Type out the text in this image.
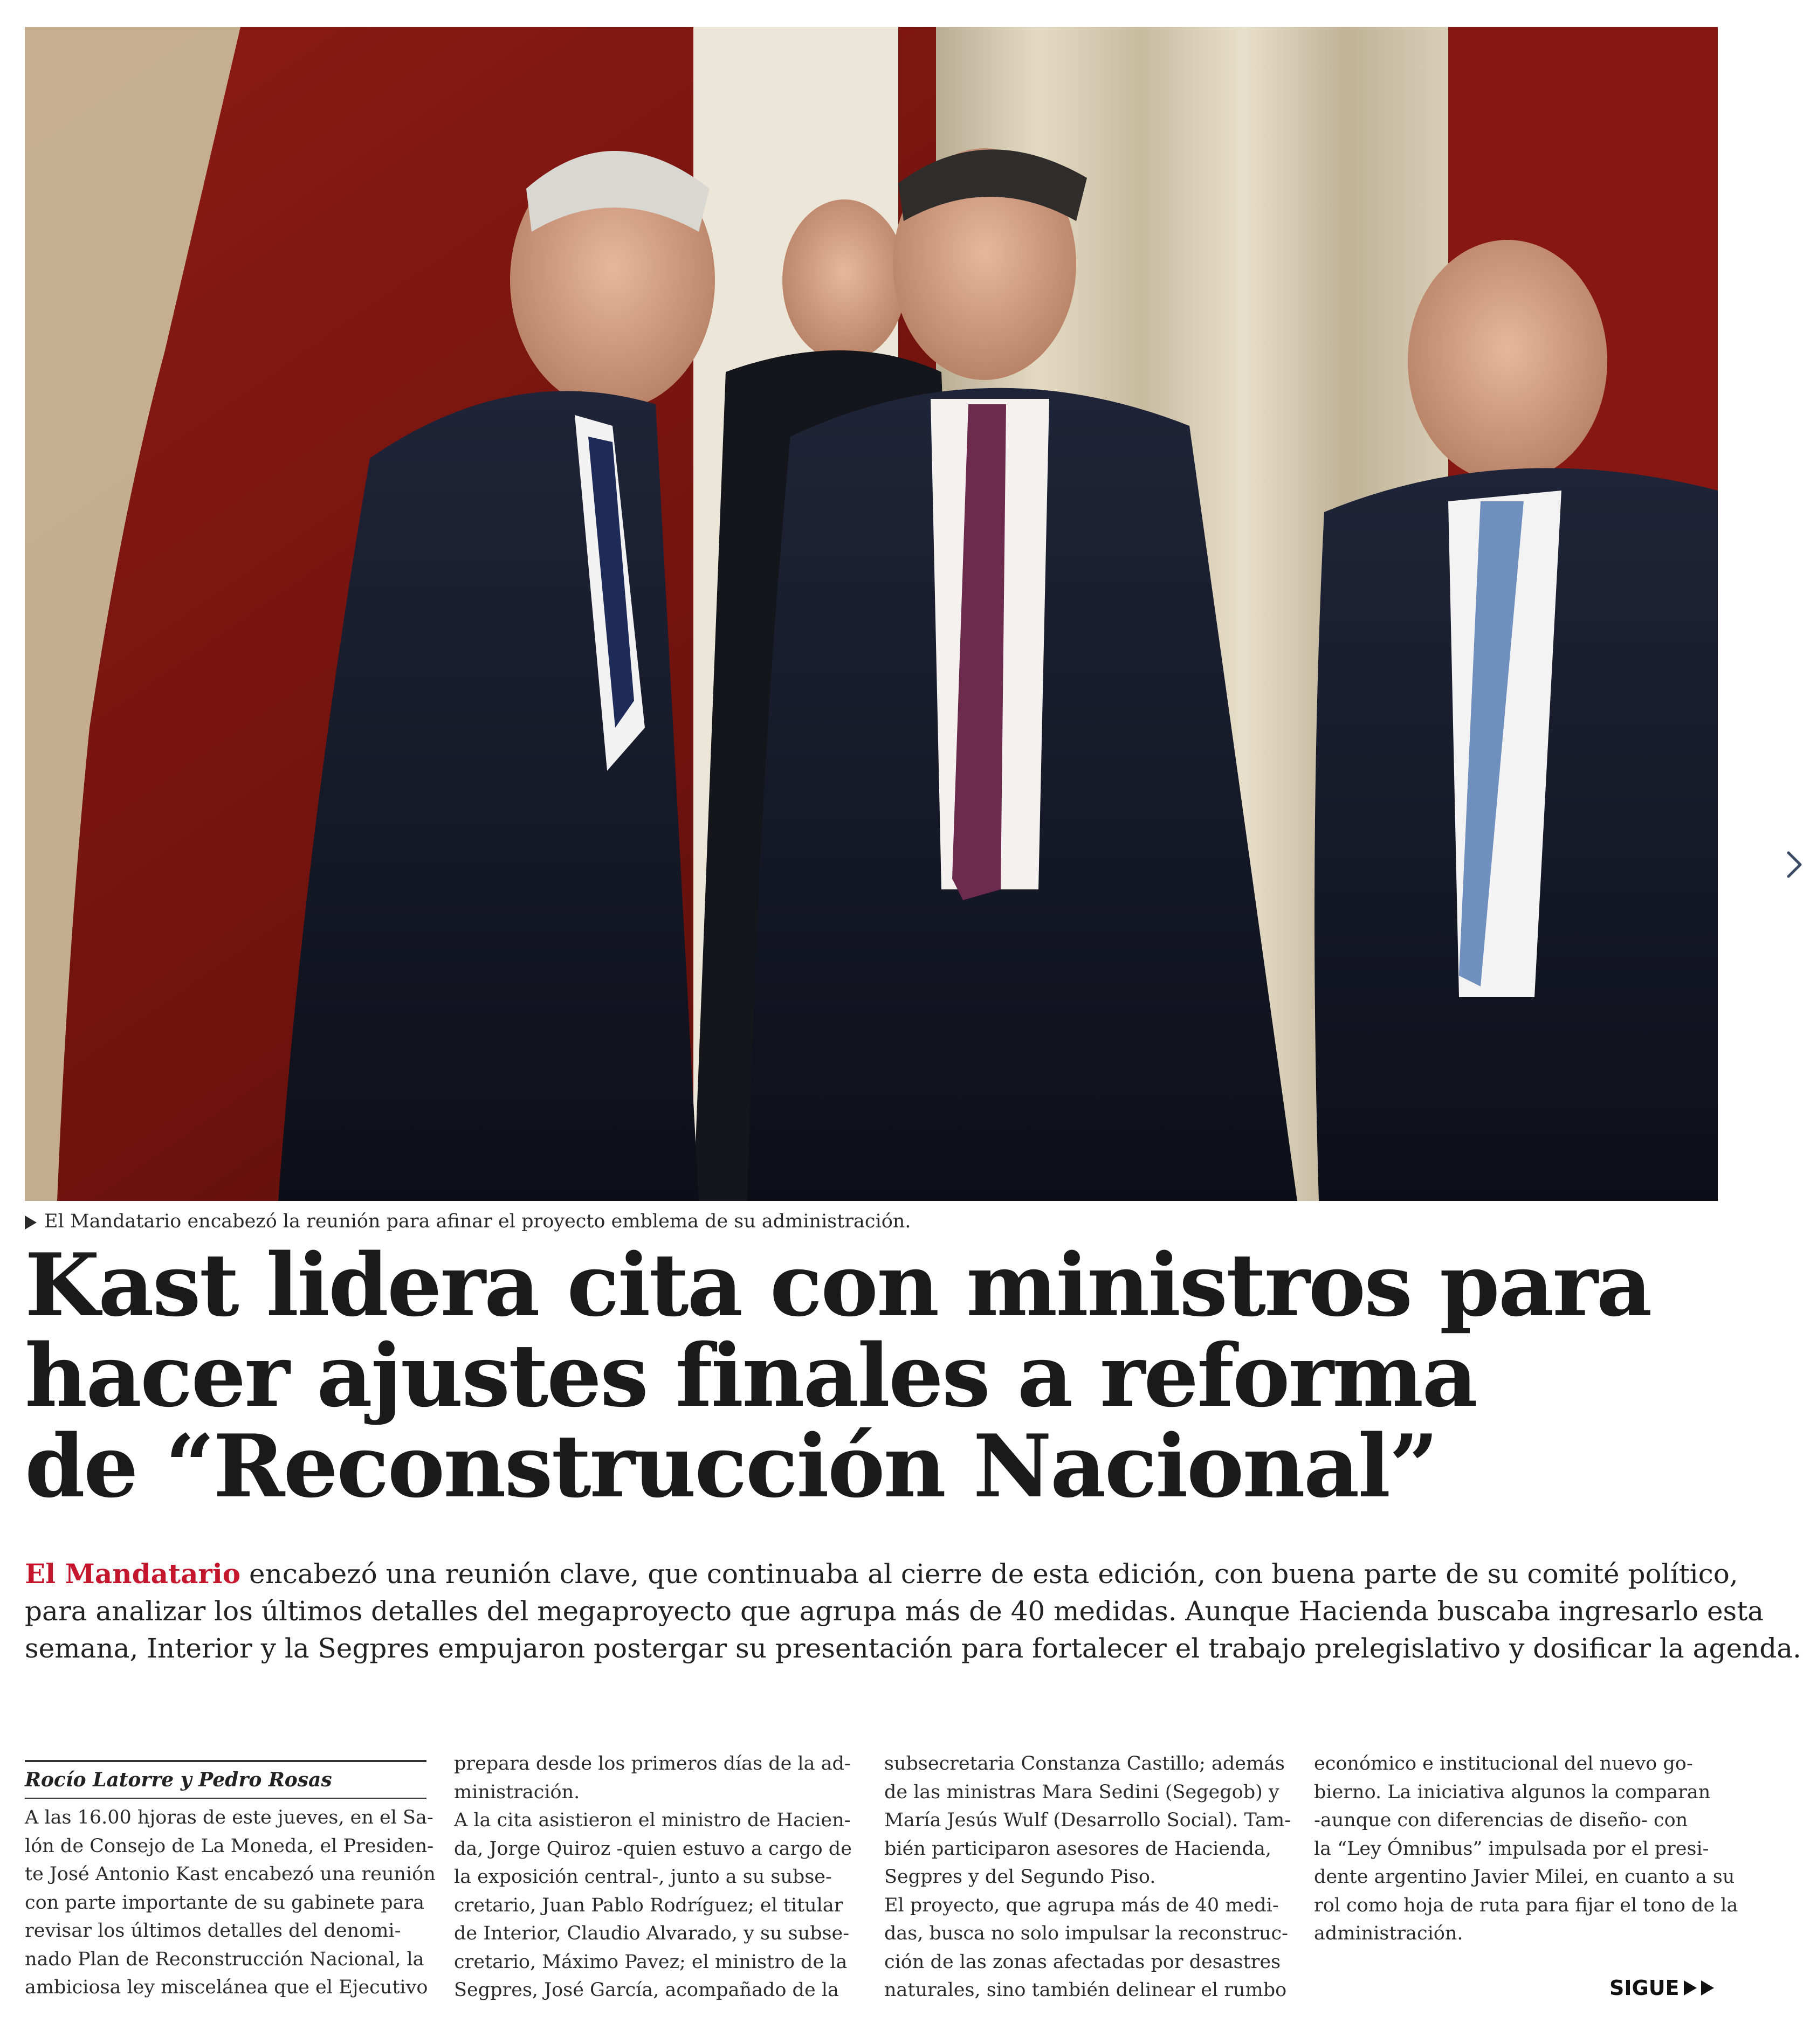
El Mandatario encabezó la reunión para afinar el proyecto emblema de su administración.
Kast lidera cita con ministros para
hacer ajustes finales a reforma
de “Reconstrucción Nacional”
El Mandatario encabezó una reunión clave, que continuaba al cierre de esta edición, con buena parte de su comité político,
para analizar los últimos detalles del megaproyecto que agrupa más de 40 medidas. Aunque Hacienda buscaba ingresarlo esta
semana, Interior y la Segpres empujaron postergar su presentación para fortalecer el trabajo prelegislativo y dosificar la agenda.
Rocío Latorre y Pedro Rosas
A las 16.00 hjoras de este jueves, en el Sa-
lón de Consejo de La Moneda, el Presiden-
te José Antonio Kast encabezó una reunión
con parte importante de su gabinete para
revisar los últimos detalles del denomi-
nado Plan de Reconstrucción Nacional, la
ambiciosa ley miscelánea que el Ejecutivo
prepara desde los primeros días de la ad-
ministración.
A la cita asistieron el ministro de Hacien-
da, Jorge Quiroz -quien estuvo a cargo de
la exposición central-, junto a su subse-
cretario, Juan Pablo Rodríguez; el titular
de Interior, Claudio Alvarado, y su subse-
cretario, Máximo Pavez; el ministro de la
Segpres, José García, acompañado de la
subsecretaria Constanza Castillo; además
de las ministras Mara Sedini (Segegob) y
María Jesús Wulf (Desarrollo Social). Tam-
bién participaron asesores de Hacienda,
Segpres y del Segundo Piso.
El proyecto, que agrupa más de 40 medi-
das, busca no solo impulsar la reconstruc-
ción de las zonas afectadas por desastres
naturales, sino también delinear el rumbo
económico e institucional del nuevo go-
bierno. La iniciativa algunos la comparan
-aunque con diferencias de diseño- con
la “Ley Ómnibus” impulsada por el presi-
dente argentino Javier Milei, en cuanto a su
rol como hoja de ruta para fijar el tono de la
administración.
SIGUE
